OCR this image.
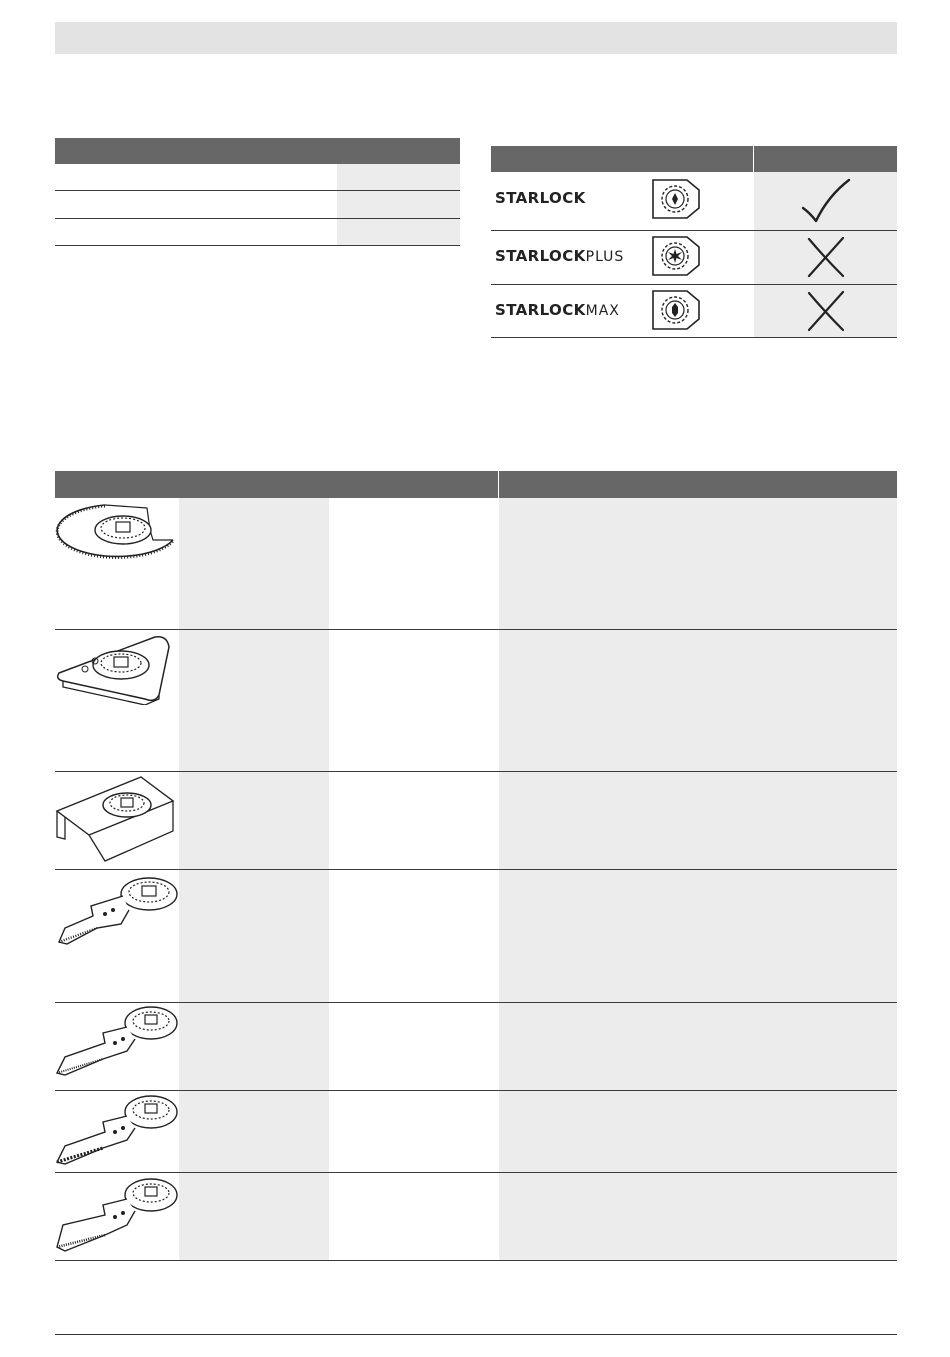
STARLOCK
STARLOCKPLUS
STARLOCKMAX
